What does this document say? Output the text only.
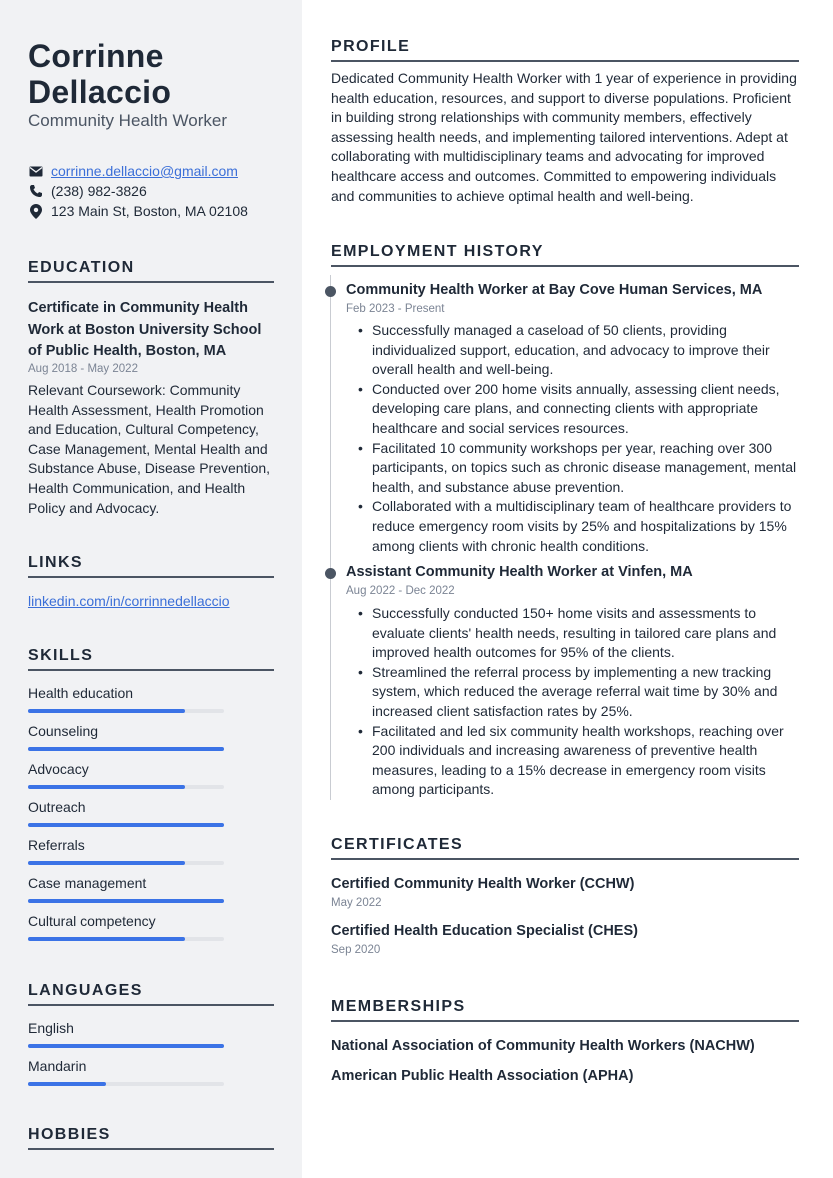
Corrinne Dellaccio
Community Health Worker
corrinne.dellaccio@gmail.com
(238) 982-3826
123 Main St, Boston, MA 02108
EDUCATION
Certificate in Community Health Work at Boston University School of Public Health, Boston, MA
Aug 2018 - May 2022
Relevant Coursework: Community Health Assessment, Health Promotion and Education, Cultural Competency, Case Management, Mental Health and Substance Abuse, Disease Prevention, Health Communication, and Health Policy and Advocacy.
LINKS
linkedin.com/in/corrinnedellaccio
SKILLS
Health education
Counseling
Advocacy
Outreach
Referrals
Case management
Cultural competency
LANGUAGES
English
Mandarin
HOBBIES
PROFILE
Dedicated Community Health Worker with 1 year of experience in providing health education, resources, and support to diverse populations. Proficient in building strong relationships with community members, effectively assessing health needs, and implementing tailored interventions. Adept at collaborating with multidisciplinary teams and advocating for improved healthcare access and outcomes. Committed to empowering individuals and communities to achieve optimal health and well-being.
EMPLOYMENT HISTORY
Community Health Worker at Bay Cove Human Services, MA
Feb 2023 - Present
• Successfully managed a caseload of 50 clients, providing individualized support, education, and advocacy to improve their overall health and well-being.
• Conducted over 200 home visits annually, assessing client needs, developing care plans, and connecting clients with appropriate healthcare and social services resources.
• Facilitated 10 community workshops per year, reaching over 300 participants, on topics such as chronic disease management, mental health, and substance abuse prevention.
• Collaborated with a multidisciplinary team of healthcare providers to reduce emergency room visits by 25% and hospitalizations by 15% among clients with chronic health conditions.
Assistant Community Health Worker at Vinfen, MA
Aug 2022 - Dec 2022
• Successfully conducted 150+ home visits and assessments to evaluate clients' health needs, resulting in tailored care plans and improved health outcomes for 95% of the clients.
• Streamlined the referral process by implementing a new tracking system, which reduced the average referral wait time by 30% and increased client satisfaction rates by 25%.
• Facilitated and led six community health workshops, reaching over 200 individuals and increasing awareness of preventive health measures, leading to a 15% decrease in emergency room visits among participants.
CERTIFICATES
Certified Community Health Worker (CCHW)
May 2022
Certified Health Education Specialist (CHES)
Sep 2020
MEMBERSHIPS
National Association of Community Health Workers (NACHW)
American Public Health Association (APHA)
